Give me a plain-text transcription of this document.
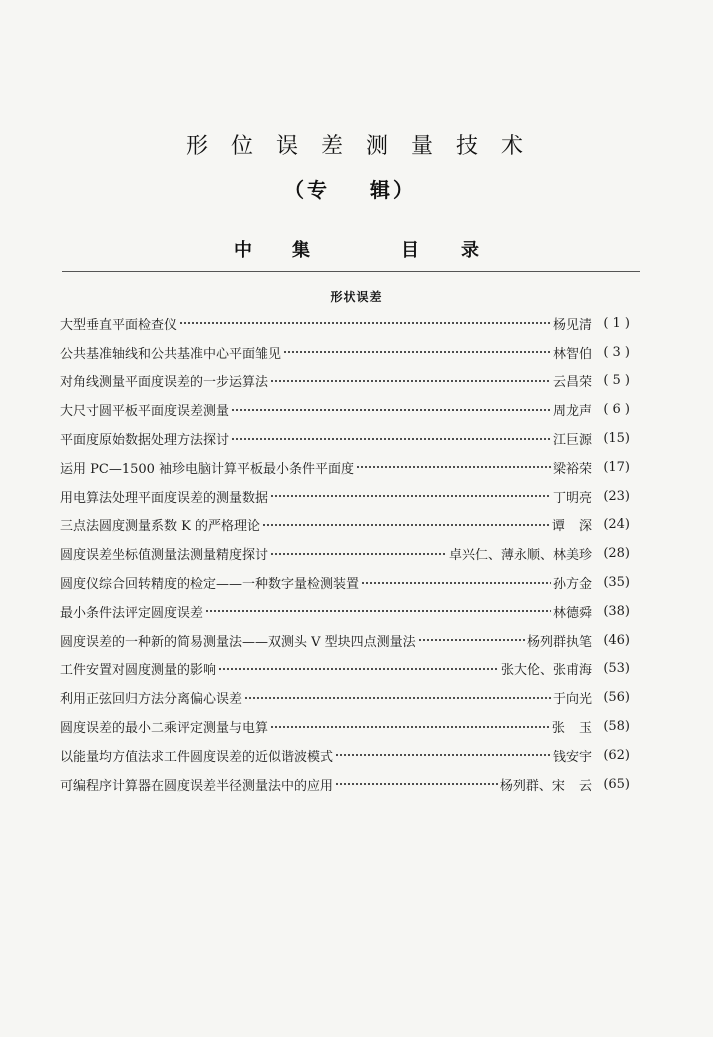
形位误差测量技术
（专 辑）
中集	目录
形状误差
大型垂直平面检查仪	杨见清 ( 1 )
公共基准轴线和公共基准中心平面雏见	林智伯 ( 3 )
对角线测量平面度误差的一步运算法	云昌荣 ( 5 )
大尺寸圆平板平面度误差测量	周龙声 ( 6 )
平面度原始数据处理方法探讨	江巨源 (15)
运用 PC—1500 袖珍电脑计算平板最小条件平面度	梁裕荣 (17)
用电算法处理平面度误差的测量数据	丁明亮 (23)
三点法圆度测量系数 K 的严格理论	谭 深 (24)
圆度误差坐标值测量法测量精度探讨	卓兴仁、薄永顺、林美珍 (28)
圆度仪综合回转精度的检定——一种数字量检测装置	孙方金 (35)
最小条件法评定圆度误差	林德舜 (38)
圆度误差的一种新的简易测量法——双测头 V 型块四点测量法	杨列群执笔 (46)
工件安置对圆度测量的影响	张大伦、张甫海 (53)
利用正弦回归方法分离偏心误差	于向光 (56)
圆度误差的最小二乘评定测量与电算	张 玉 (58)
以能量均方值法求工件圆度误差的近似谐波模式	钱安宇 (62)
可编程序计算器在圆度误差半径测量法中的应用	杨列群、宋 云 (65)
